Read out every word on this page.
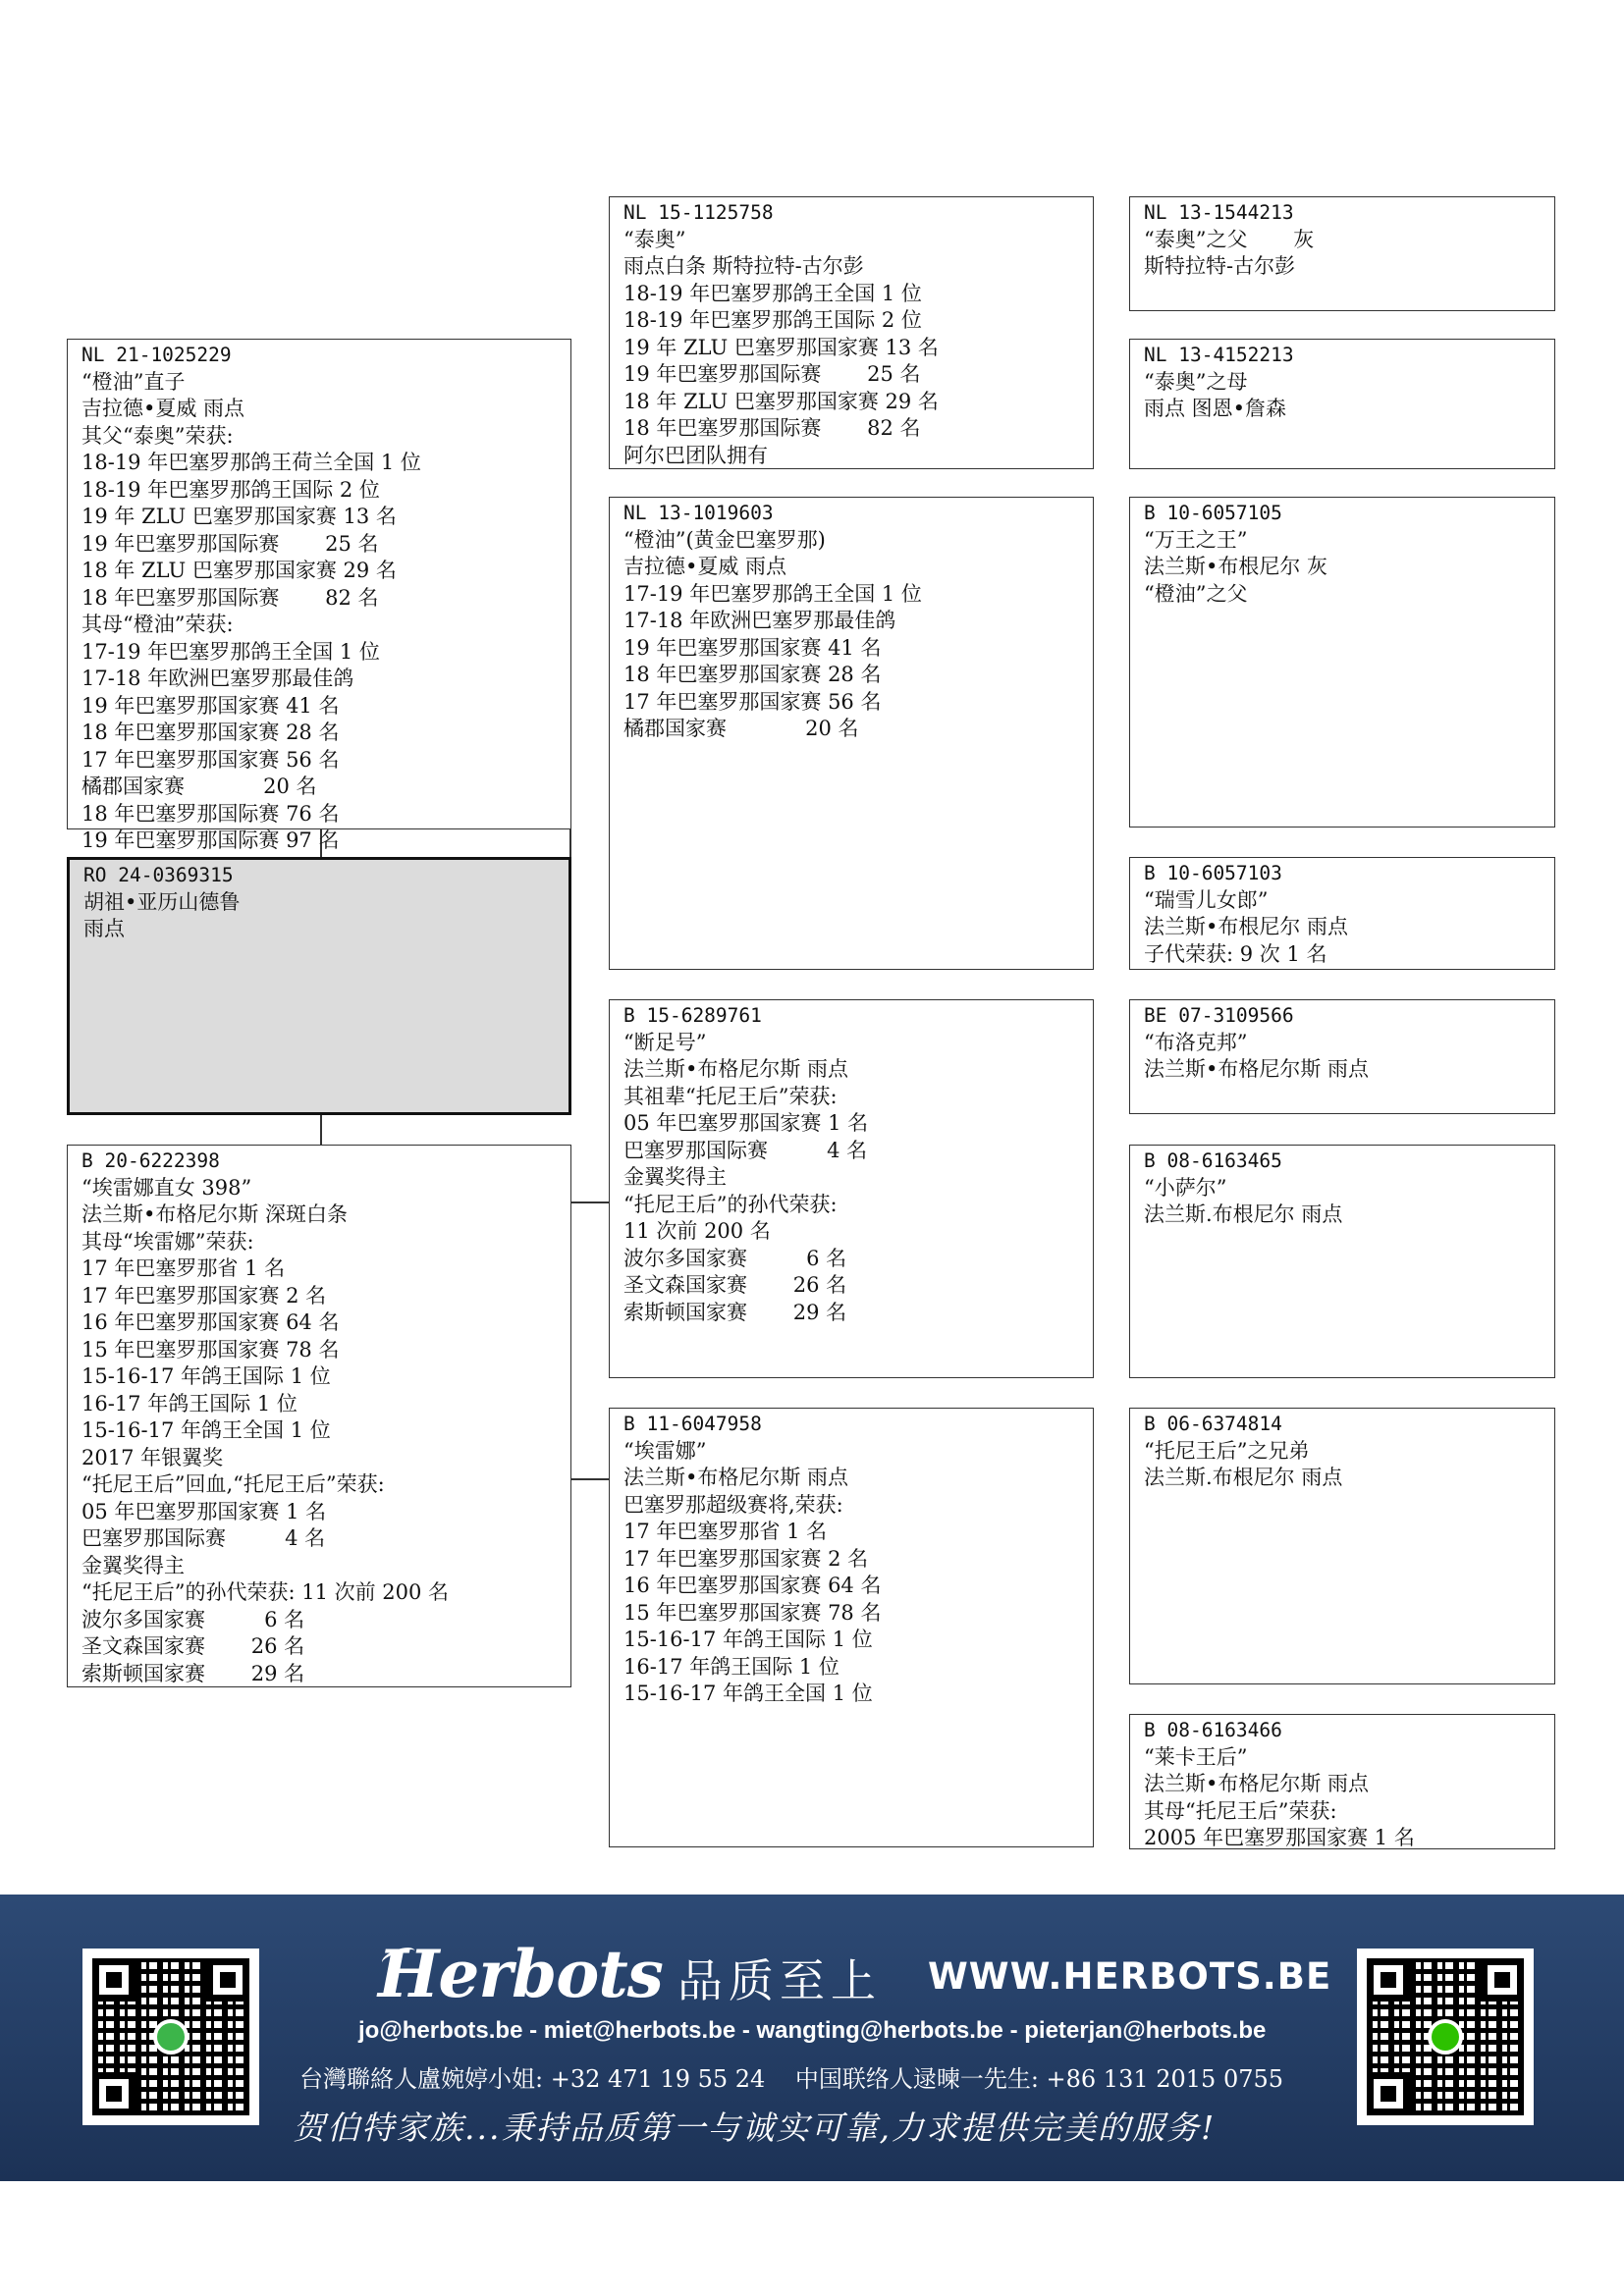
NL 21-1025229
“橙油”直子
吉拉德•夏威 雨点
其父“泰奥”荣获:
18-19 年巴塞罗那鸽王荷兰全国 1 位
18-19 年巴塞罗那鸽王国际 2 位
19 年 ZLU 巴塞罗那国家赛 13 名
19 年巴塞罗那国际赛       25 名
18 年 ZLU 巴塞罗那国家赛 29 名
18 年巴塞罗那国际赛       82 名
其母“橙油”荣获:
17-19 年巴塞罗那鸽王全国 1 位
17-18 年欧洲巴塞罗那最佳鸽
19 年巴塞罗那国家赛 41 名
18 年巴塞罗那国家赛 28 名
17 年巴塞罗那国家赛 56 名
橘郡国家赛            20 名
18 年巴塞罗那国际赛 76 名
19 年巴塞罗那国际赛 97 名
RO 24-0369315
胡祖•亚历山德鲁
雨点
B 20-6222398
“埃雷娜直女 398”
法兰斯•布格尼尔斯 深斑白条
其母“埃雷娜”荣获:
17 年巴塞罗那省 1 名
17 年巴塞罗那国家赛 2 名
16 年巴塞罗那国家赛 64 名
15 年巴塞罗那国家赛 78 名
15-16-17 年鸽王国际 1 位
16-17 年鸽王国际 1 位
15-16-17 年鸽王全国 1 位
2017 年银翼奖
“托尼王后”回血,“托尼王后”荣获:
05 年巴塞罗那国家赛 1 名
巴塞罗那国际赛         4 名
金翼奖得主
“托尼王后”的孙代荣获: 11 次前 200 名
波尔多国家赛         6 名
圣文森国家赛       26 名
索斯顿国家赛       29 名
NL 15-1125758
“泰奥”
雨点白条 斯特拉特-古尔彭
18-19 年巴塞罗那鸽王全国 1 位
18-19 年巴塞罗那鸽王国际 2 位
19 年 ZLU 巴塞罗那国家赛 13 名
19 年巴塞罗那国际赛       25 名
18 年 ZLU 巴塞罗那国家赛 29 名
18 年巴塞罗那国际赛       82 名
阿尔巴团队拥有
NL 13-1019603
“橙油”(黄金巴塞罗那)
吉拉德•夏威 雨点
17-19 年巴塞罗那鸽王全国 1 位
17-18 年欧洲巴塞罗那最佳鸽
19 年巴塞罗那国家赛 41 名
18 年巴塞罗那国家赛 28 名
17 年巴塞罗那国家赛 56 名
橘郡国家赛            20 名
B 15-6289761
“断足号”
法兰斯•布格尼尔斯 雨点
其祖辈“托尼王后”荣获:
05 年巴塞罗那国家赛 1 名
巴塞罗那国际赛         4 名
金翼奖得主
“托尼王后”的孙代荣获:
11 次前 200 名
波尔多国家赛         6 名
圣文森国家赛       26 名
索斯顿国家赛       29 名
B 11-6047958
“埃雷娜”
法兰斯•布格尼尔斯 雨点
巴塞罗那超级赛将,荣获:
17 年巴塞罗那省 1 名
17 年巴塞罗那国家赛 2 名
16 年巴塞罗那国家赛 64 名
15 年巴塞罗那国家赛 78 名
15-16-17 年鸽王国际 1 位
16-17 年鸽王国际 1 位
15-16-17 年鸽王全国 1 位
NL 13-1544213
“泰奥”之父       灰
斯特拉特-古尔彭
NL 13-4152213
“泰奥”之母
雨点 图恩•詹森
B 10-6057105
“万王之王”
法兰斯•布根尼尔 灰
“橙油”之父
B 10-6057103
“瑞雪儿女郎”
法兰斯•布根尼尔 雨点
子代荣获: 9 次 1 名
BE 07-3109566
“布洛克邦”
法兰斯•布格尼尔斯 雨点
B 08-6163465
“小萨尔”
法兰斯.布根尼尔 雨点
B 06-6374814
“托尼王后”之兄弟
法兰斯.布根尼尔 雨点
B 08-6163466
“莱卡王后”
法兰斯•布格尼尔斯 雨点
其母“托尼王后”荣获:
2005 年巴塞罗那国家赛 1 名
Herbots 品质至上 WWW.HERBOTS.BE
jo@herbots.be - miet@herbots.be - wangting@herbots.be - pieterjan@herbots.be
台灣聯絡人盧婉婷小姐: +32 471 19 55 24    中国联络人逯暕一先生: +86 131 2015 0755
贺伯特家族...秉持品质第一与诚实可靠,力求提供完美的服务!
